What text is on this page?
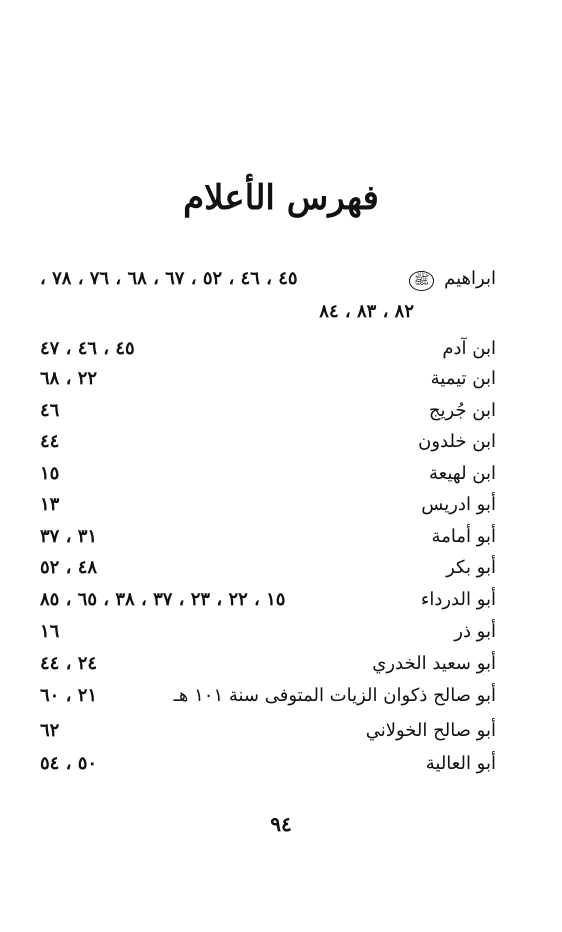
فهرس الأعلام
ابراهيم ﷺ
٤٥ ، ٤٦ ، ٥٢ ، ٦٧ ، ٦٨ ، ٧٦ ، ٧٨ ،
٨٢ ، ٨٣ ، ٨٤
ابن آدم
٤٥ ، ٤٦ ، ٤٧
ابن تيمية
٢٢ ، ٦٨
ابن جُريج
٤٦
ابن خلدون
٤٤
ابن لهيعة
١٥
أبو ادريس
١٣
أبو أمامة
٣١ ، ٣٧
أبو بكر
٤٨ ، ٥٢
أبو الدرداء
١٥ ، ٢٢ ، ٢٣ ، ٣٧ ، ٣٨ ، ٦٥ ، ٨٥
أبو ذر
١٦
أبو سعيد الخدري
٢٤ ، ٤٤
أبو صالح ذكوان الزيات المتوفى سنة ١٠١ هـ
٢١ ، ٦٠
أبو صالح الخولاني
٦٢
أبو العالية
٥٠ ، ٥٤
٩٤
